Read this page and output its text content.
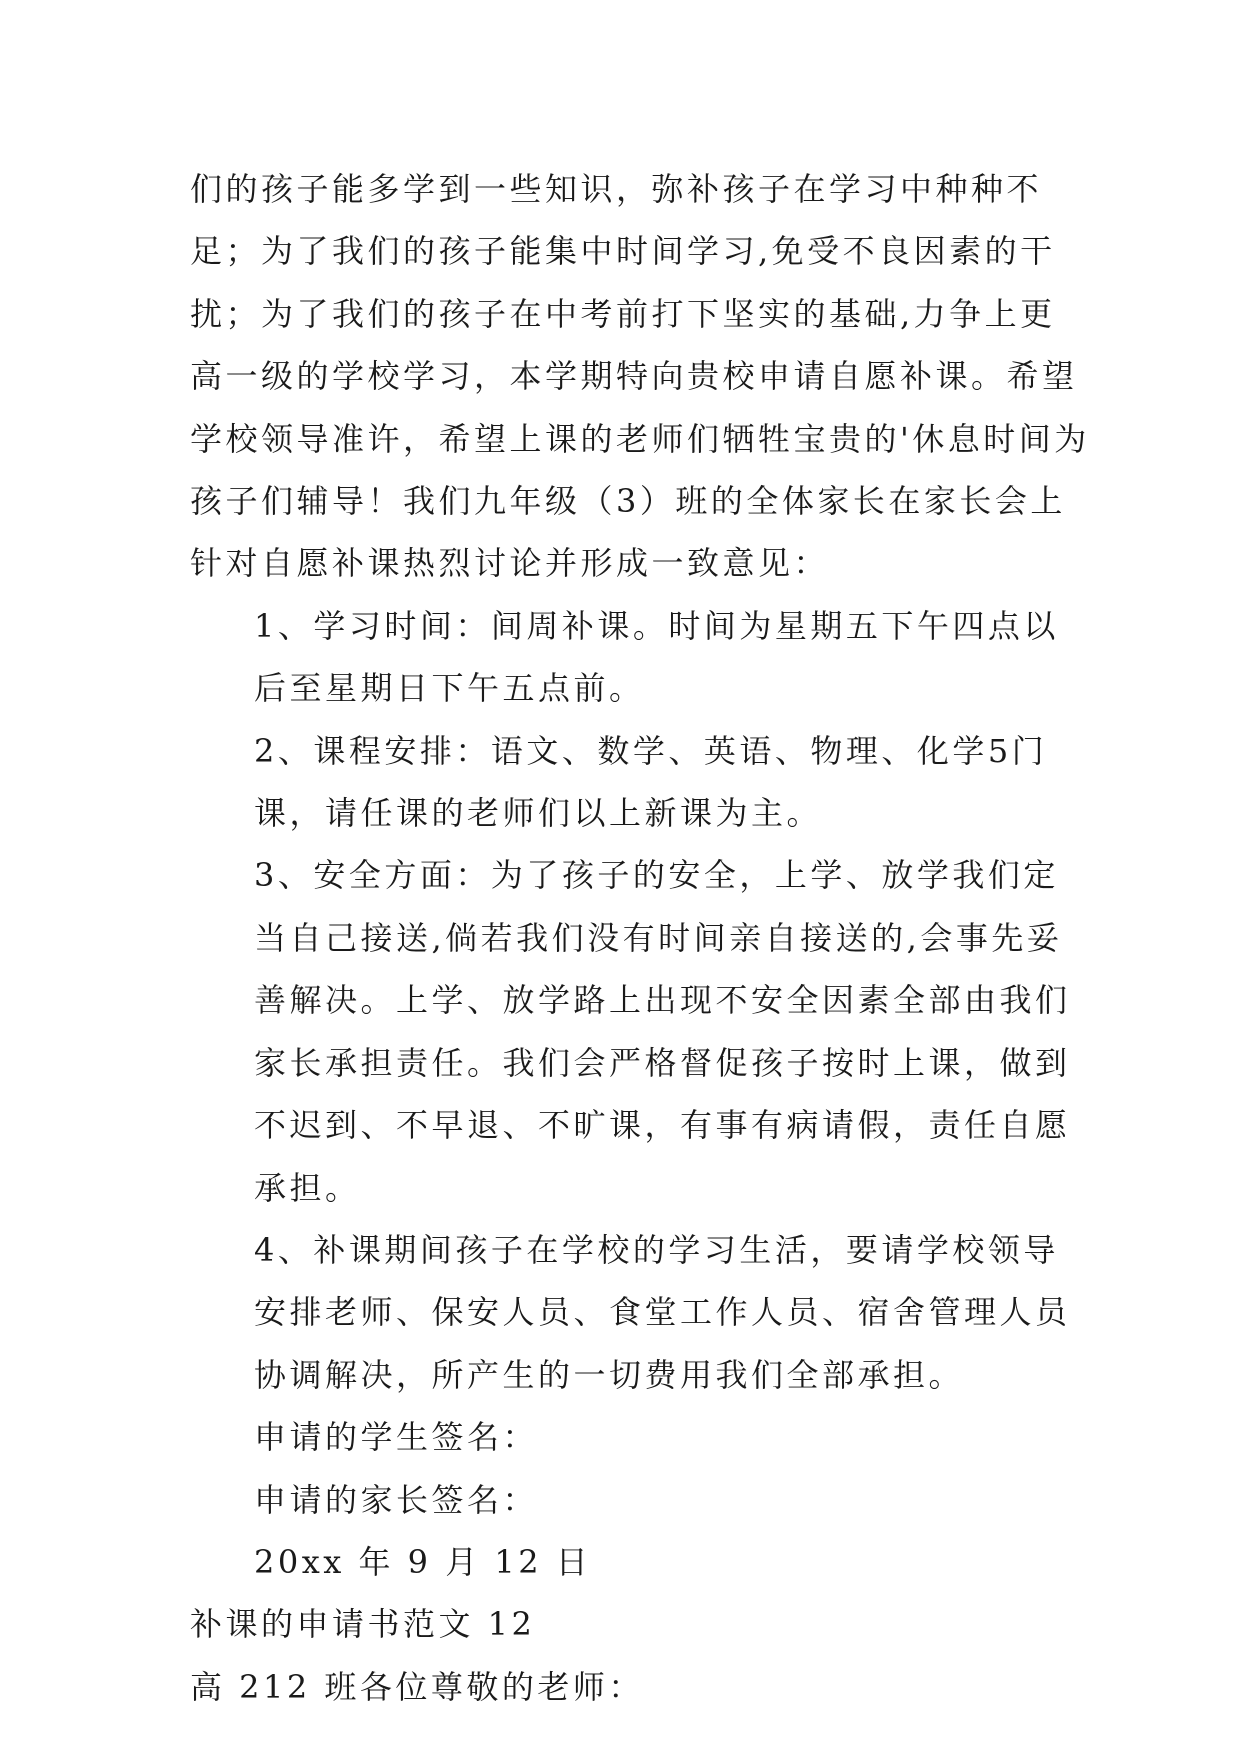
们的孩子能多学到一些知识，弥补孩子在学习中种种不足；为了我们的孩子能集中时间学习,免受不良因素的干扰；为了我们的孩子在中考前打下坚实的基础,力争上更高一级的学校学习，本学期特向贵校申请自愿补课。希望学校领导准许，希望上课的老师们牺牲宝贵的'休息时间为孩子们辅导！我们九年级（3）班的全体家长在家长会上针对自愿补课热烈讨论并形成一致意见：

1、学习时间：间周补课。时间为星期五下午四点以后至星期日下午五点前。

2、课程安排：语文、数学、英语、物理、化学5门课，请任课的老师们以上新课为主。

3、安全方面：为了孩子的安全，上学、放学我们定当自己接送,倘若我们没有时间亲自接送的,会事先妥善解决。上学、放学路上出现不安全因素全部由我们家长承担责任。我们会严格督促孩子按时上课，做到不迟到、不早退、不旷课，有事有病请假，责任自愿承担。

4、补课期间孩子在学校的学习生活，要请学校领导安排老师、保安人员、食堂工作人员、宿舍管理人员协调解决，所产生的一切费用我们全部承担。

申请的学生签名：

申请的家长签名：

20xx 年 9 月 12 日

补课的申请书范文 12

高 212 班各位尊敬的老师：
